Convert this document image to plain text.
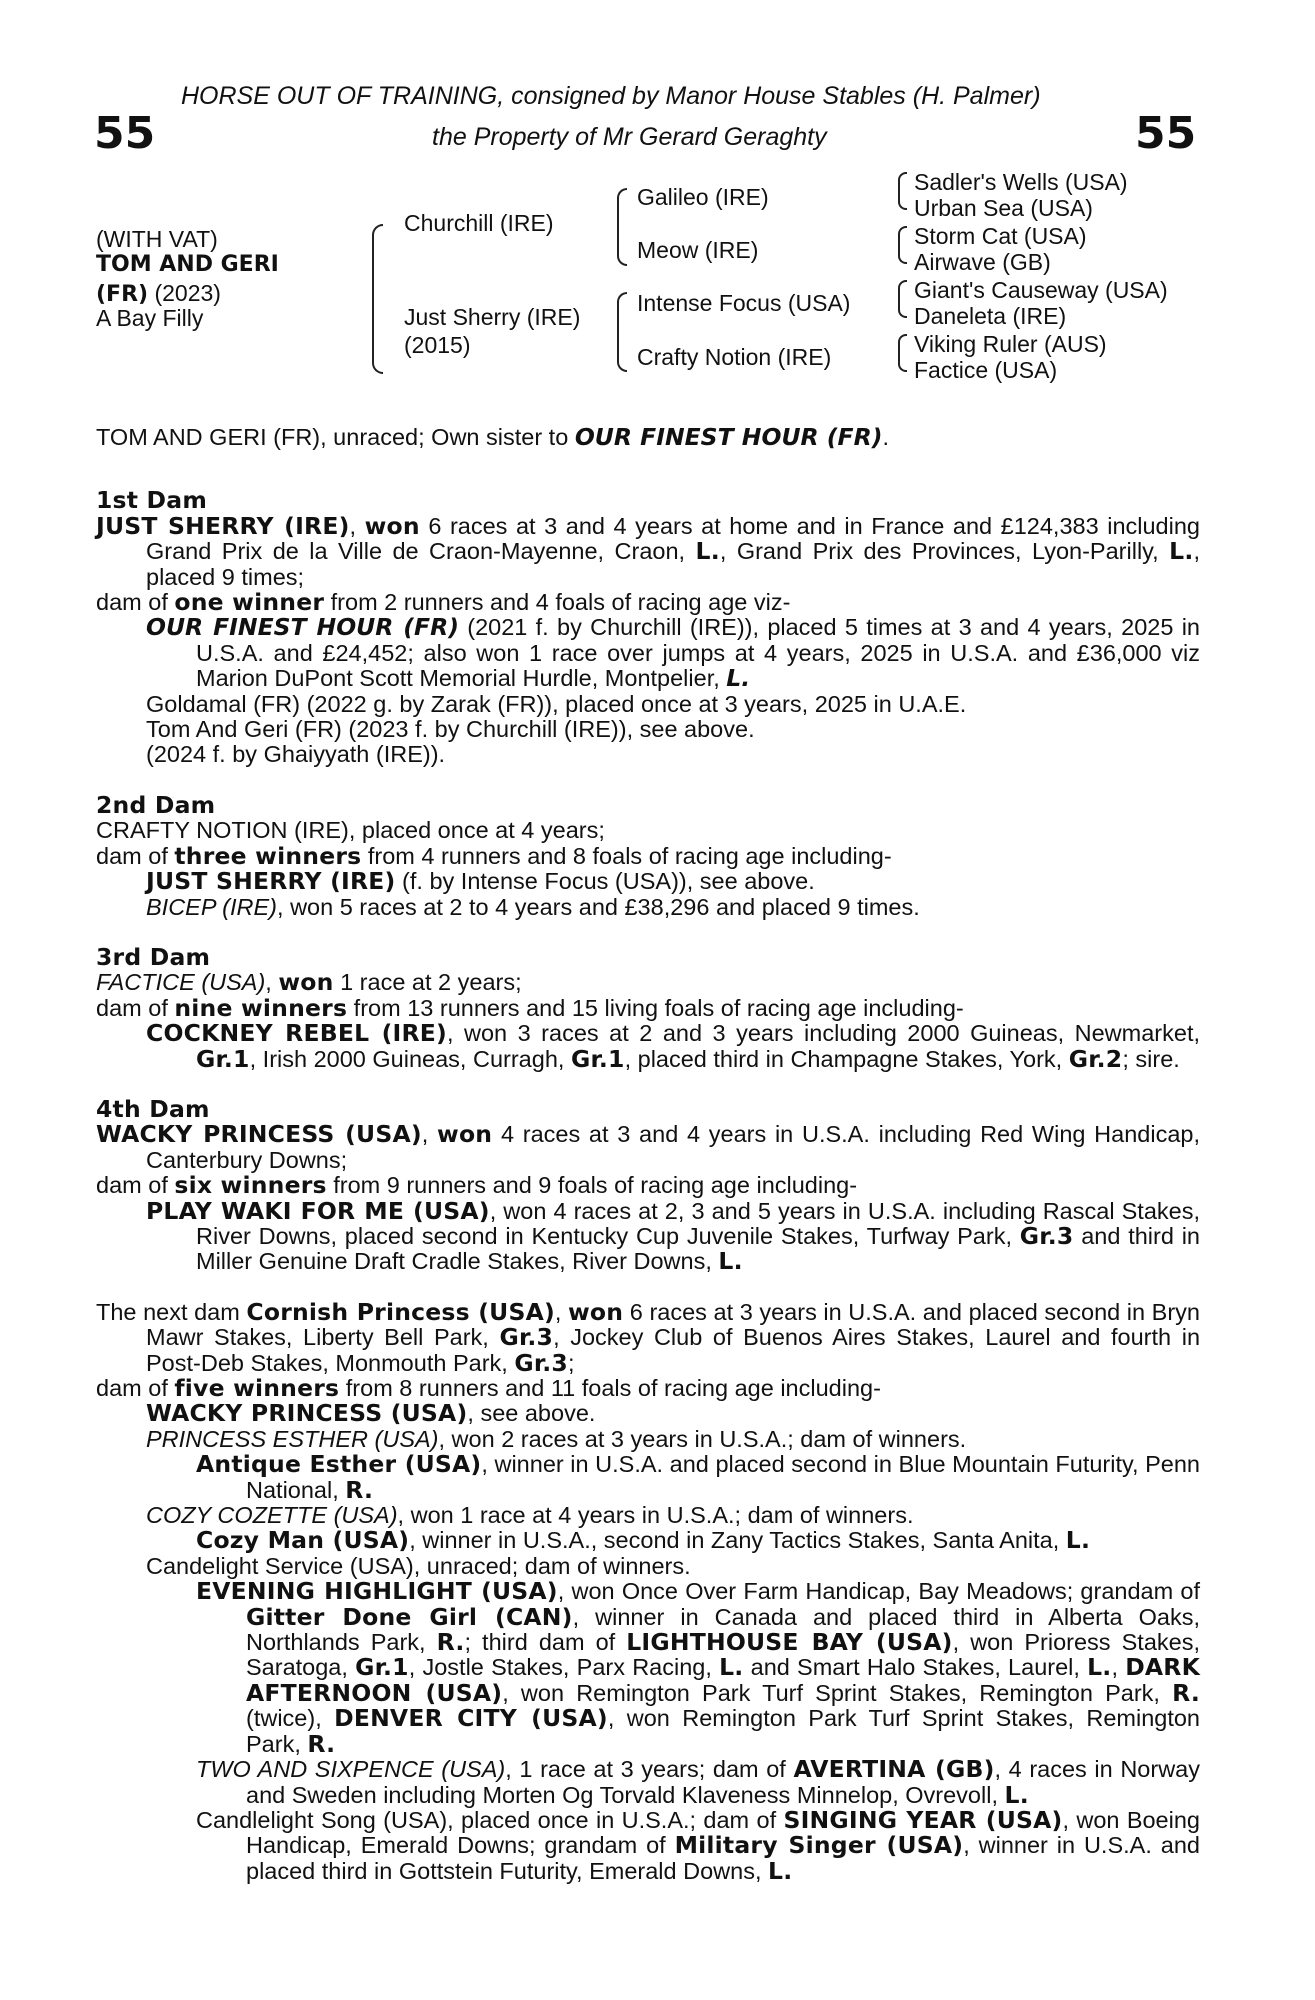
HORSE OUT OF TRAINING, consigned by Manor House Stables (H. Palmer)
the Property of Mr Gerard Geraghty
55	55
(WITH VAT)
TOM AND GERI
(FR) (2023)
A Bay Filly
Churchill (IRE)
Just Sherry (IRE)
(2015)
Galileo (IRE)
Meow (IRE)
Intense Focus (USA)
Crafty Notion (IRE)
Sadler's Wells (USA)
Urban Sea (USA)
Storm Cat (USA)
Airwave (GB)
Giant's Causeway (USA)
Daneleta (IRE)
Viking Ruler (AUS)
Factice (USA)

TOM AND GERI (FR), unraced; Own sister to OUR FINEST HOUR (FR).

1st Dam

JUST SHERRY (IRE), won 6 races at 3 and 4 years at home and in France and £124,383 including Grand Prix de la Ville de Craon-Mayenne, Craon, L., Grand Prix des Provinces, Lyon-Parilly, L., placed 9 times;

dam of one winner from 2 runners and 4 foals of racing age viz-

OUR FINEST HOUR (FR) (2021 f. by Churchill (IRE)), placed 5 times at 3 and 4 years, 2025 in U.S.A. and £24,452; also won 1 race over jumps at 4 years, 2025 in U.S.A. and £36,000 viz Marion DuPont Scott Memorial Hurdle, Montpelier, L.

Goldamal (FR) (2022 g. by Zarak (FR)), placed once at 3 years, 2025 in U.A.E.

Tom And Geri (FR) (2023 f. by Churchill (IRE)), see above.

(2024 f. by Ghaiyyath (IRE)).

2nd Dam

CRAFTY NOTION (IRE), placed once at 4 years;

dam of three winners from 4 runners and 8 foals of racing age including-

JUST SHERRY (IRE) (f. by Intense Focus (USA)), see above.

BICEP (IRE), won 5 races at 2 to 4 years and £38,296 and placed 9 times.

3rd Dam

FACTICE (USA), won 1 race at 2 years;

dam of nine winners from 13 runners and 15 living foals of racing age including-

COCKNEY REBEL (IRE), won 3 races at 2 and 3 years including 2000 Guineas, Newmarket, Gr.1, Irish 2000 Guineas, Curragh, Gr.1, placed third in Champagne Stakes, York, Gr.2; sire.

4th Dam

WACKY PRINCESS (USA), won 4 races at 3 and 4 years in U.S.A. including Red Wing Handicap, Canterbury Downs;

dam of six winners from 9 runners and 9 foals of racing age including-

PLAY WAKI FOR ME (USA), won 4 races at 2, 3 and 5 years in U.S.A. including Rascal Stakes, River Downs, placed second in Kentucky Cup Juvenile Stakes, Turfway Park, Gr.3 and third in Miller Genuine Draft Cradle Stakes, River Downs, L.

The next dam Cornish Princess (USA), won 6 races at 3 years in U.S.A. and placed second in Bryn Mawr Stakes, Liberty Bell Park, Gr.3, Jockey Club of Buenos Aires Stakes, Laurel and fourth in Post-Deb Stakes, Monmouth Park, Gr.3;

dam of five winners from 8 runners and 11 foals of racing age including-

WACKY PRINCESS (USA), see above.

PRINCESS ESTHER (USA), won 2 races at 3 years in U.S.A.; dam of winners.

Antique Esther (USA), winner in U.S.A. and placed second in Blue Mountain Futurity, Penn National, R.

COZY COZETTE (USA), won 1 race at 4 years in U.S.A.; dam of winners.

Cozy Man (USA), winner in U.S.A., second in Zany Tactics Stakes, Santa Anita, L.

Candelight Service (USA), unraced; dam of winners.

EVENING HIGHLIGHT (USA), won Once Over Farm Handicap, Bay Meadows; grandam of Gitter Done Girl (CAN), winner in Canada and placed third in Alberta Oaks, Northlands Park, R.; third dam of LIGHTHOUSE BAY (USA), won Prioress Stakes, Saratoga, Gr.1, Jostle Stakes, Parx Racing, L. and Smart Halo Stakes, Laurel, L., DARK AFTERNOON (USA), won Remington Park Turf Sprint Stakes, Remington Park, R. (twice), DENVER CITY (USA), won Remington Park Turf Sprint Stakes, Remington Park, R.

TWO AND SIXPENCE (USA), 1 race at 3 years; dam of AVERTINA (GB), 4 races in Norway and Sweden including Morten Og Torvald Klaveness Minnelop, Ovrevoll, L.

Candlelight Song (USA), placed once in U.S.A.; dam of SINGING YEAR (USA), won Boeing Handicap, Emerald Downs; grandam of Military Singer (USA), winner in U.S.A. and placed third in Gottstein Futurity, Emerald Downs, L.
